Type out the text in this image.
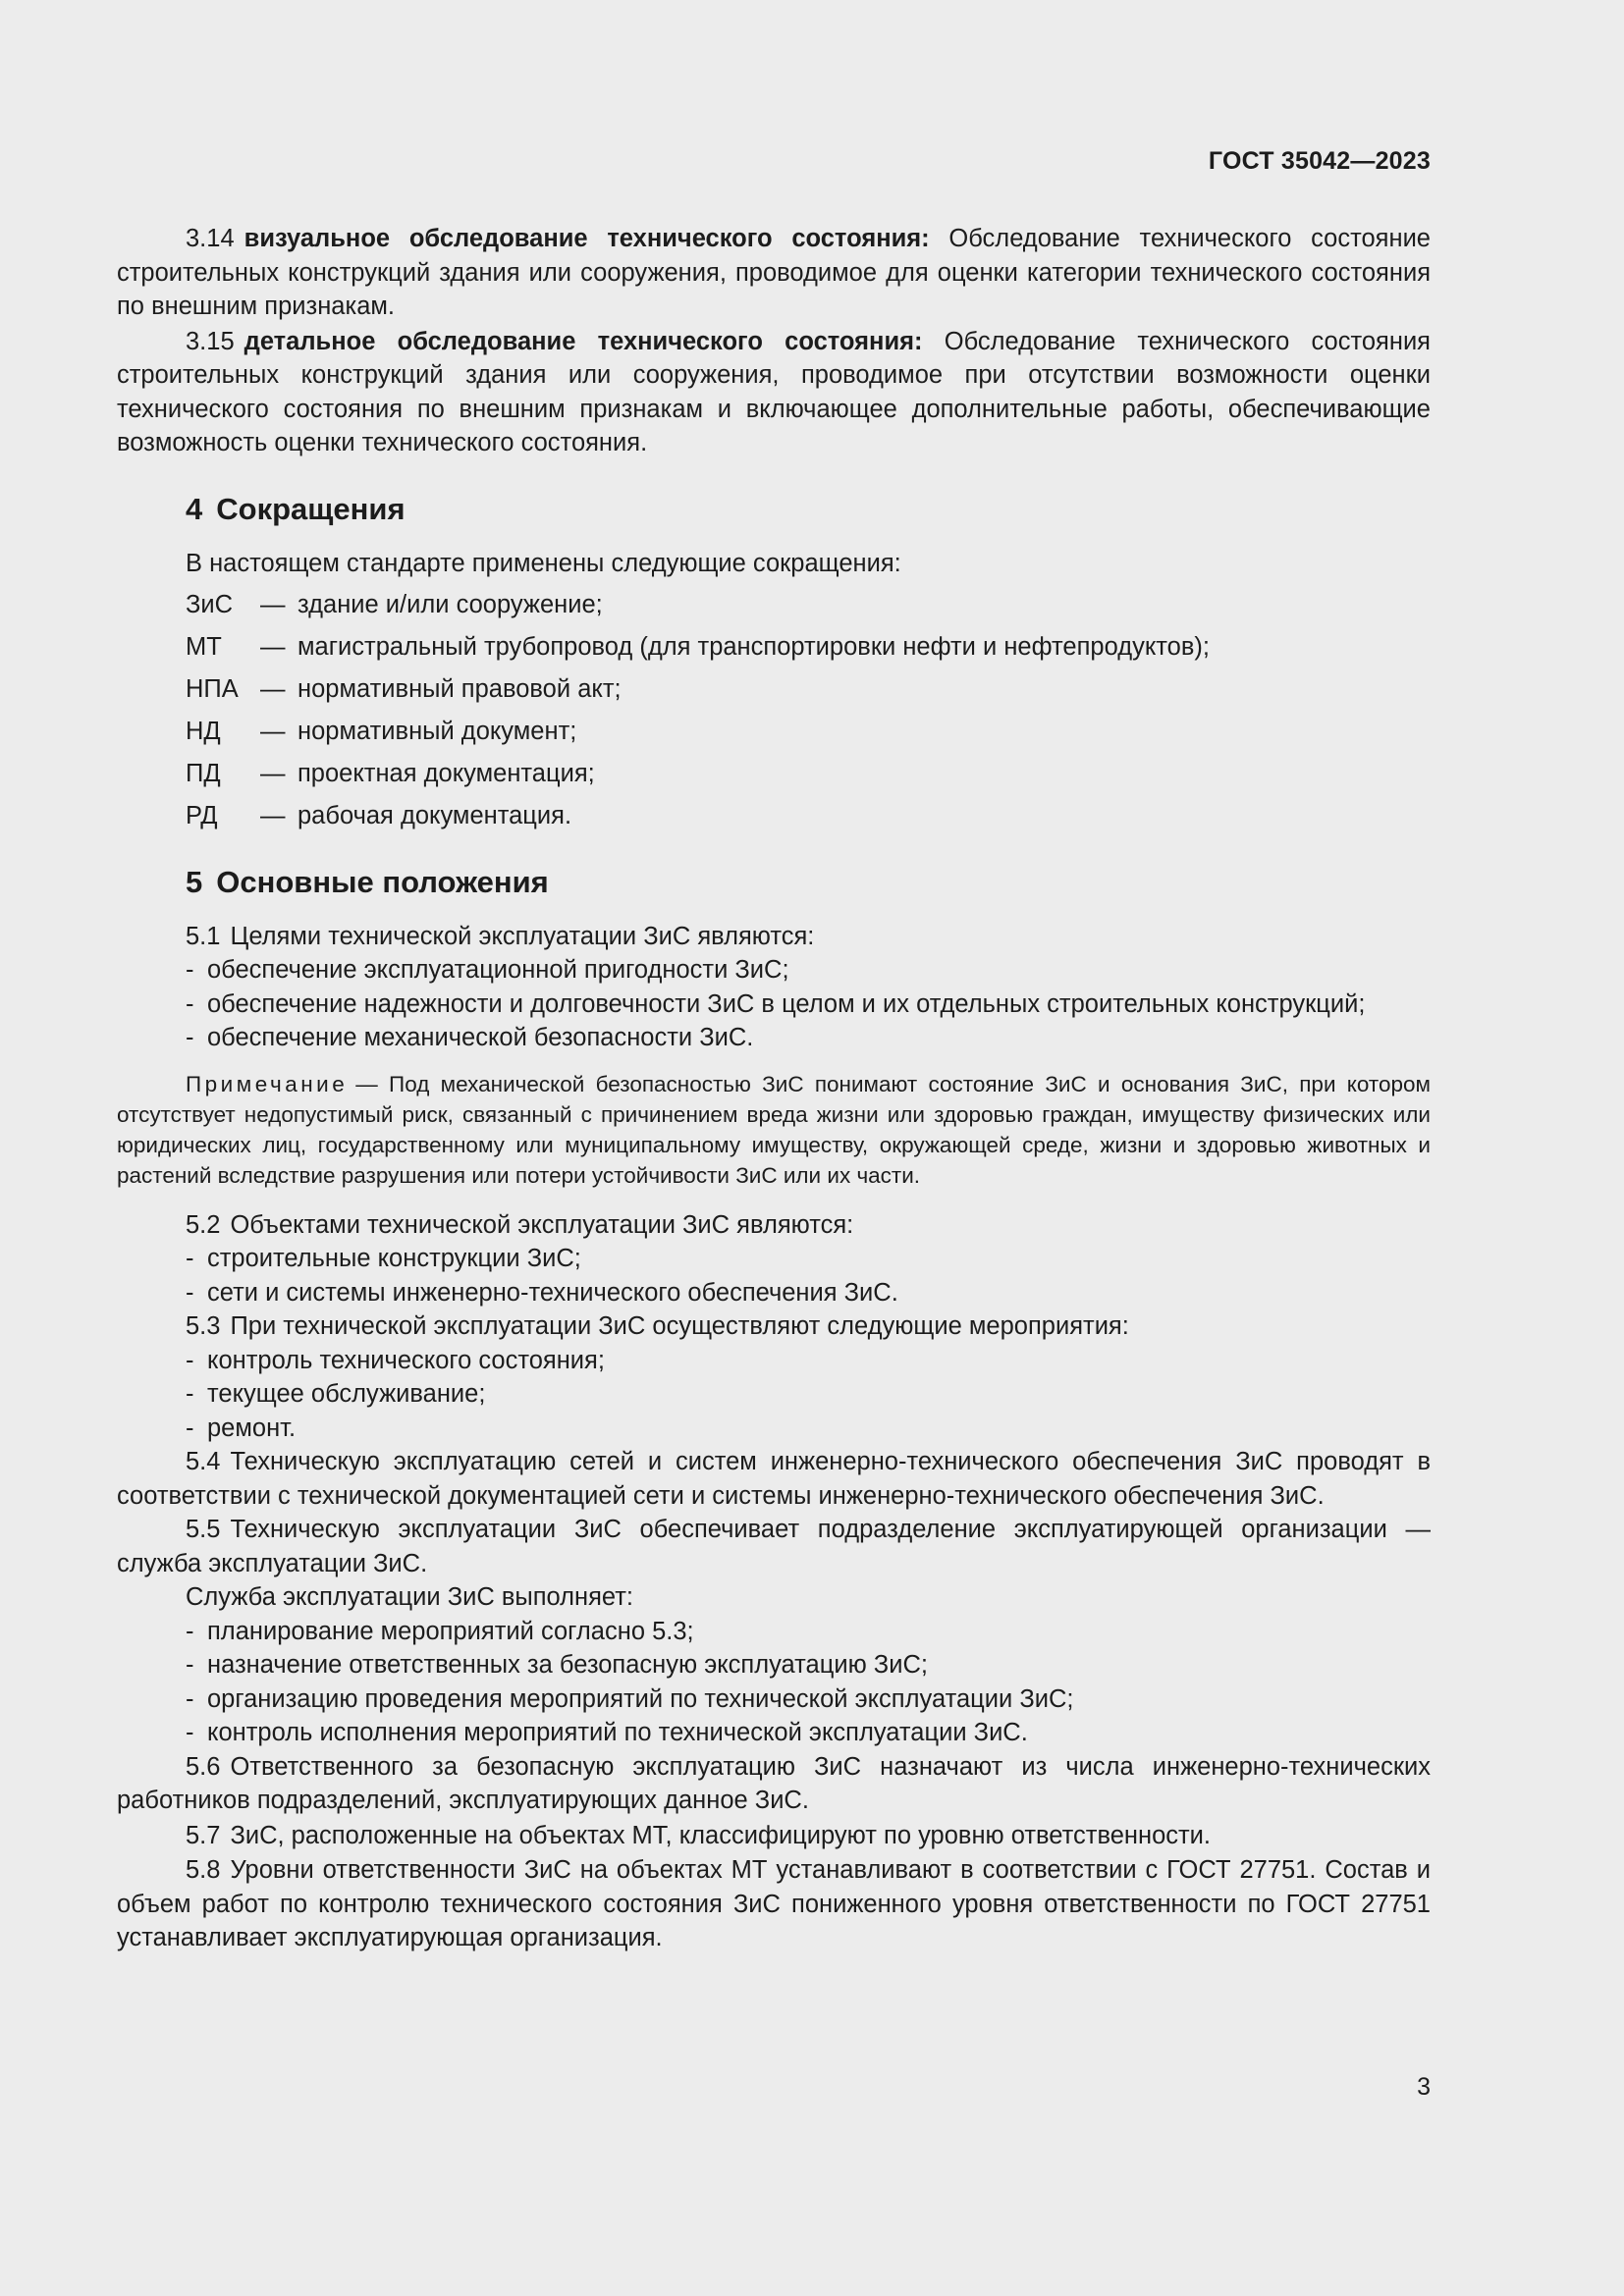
ГОСТ 35042—2023

3.14 визуальное обследование технического состояния: Обследование технического состояние строительных конструкций здания или сооружения, проводимое для оценки категории технического состояния по внешним признакам.

3.15 детальное обследование технического состояния: Обследование технического состояния строительных конструкций здания или сооружения, проводимое при отсутствии возможности оценки технического состояния по внешним признакам и включающее дополнительные работы, обеспечивающие возможность оценки технического состояния.

4 Сокращения
В настоящем стандарте применены следующие сокращения:
ЗиС	— здание и/или сооружение;
МТ	— магистральный трубопровод (для транспортировки нефти и нефтепродуктов);
НПА — нормативный правовой акт;
НД	— нормативный документ;
ПД	— проектная документация;
РД	— рабочая документация.
5 Основные положения
5.1 Целями технической эксплуатации ЗиС являются:
- обеспечение эксплуатационной пригодности ЗиС;
- обеспечение надежности и долговечности ЗиС в целом и их отдельных строительных конструкций;
- обеспечение механической безопасности ЗиС.

Примечание — Под механической безопасностью ЗиС понимают состояние ЗиС и основания ЗиС, при котором отсутствует недопустимый риск, связанный с причинением вреда жизни или здоровью граждан, имуществу физических или юридических лиц, государственному или муниципальному имуществу, окружающей среде, жизни и здоровью животных и растений вследствие разрушения или потери устойчивости ЗиС или их части.

5.2 Объектами технической эксплуатации ЗиС являются:
- строительные конструкции ЗиС;
- сети и системы инженерно-технического обеспечения ЗиС.
5.3 При технической эксплуатации ЗиС осуществляют следующие мероприятия:
- контроль технического состояния;
- текущее обслуживание;
- ремонт.

5.4 Техническую эксплуатацию сетей и систем инженерно-технического обеспечения ЗиС проводят в соответствии с технической документацией сети и системы инженерно-технического обеспечения ЗиС.

5.5 Техническую эксплуатации ЗиС обеспечивает подразделение эксплуатирующей организации — служба эксплуатации ЗиС.

Служба эксплуатации ЗиС выполняет:
- планирование мероприятий согласно 5.3;
- назначение ответственных за безопасную эксплуатацию ЗиС;
- организацию проведения мероприятий по технической эксплуатации ЗиС;
- контроль исполнения мероприятий по технической эксплуатации ЗиС.

5.6 Ответственного за безопасную эксплуатацию ЗиС назначают из числа инженерно-технических работников подразделений, эксплуатирующих данное ЗиС.

5.7 ЗиС, расположенные на объектах МТ, классифицируют по уровню ответственности.

5.8 Уровни ответственности ЗиС на объектах МТ устанавливают в соответствии с ГОСТ 27751. Состав и объем работ по контролю технического состояния ЗиС пониженного уровня ответственности по ГОСТ 27751 устанавливает эксплуатирующая организация.

3
